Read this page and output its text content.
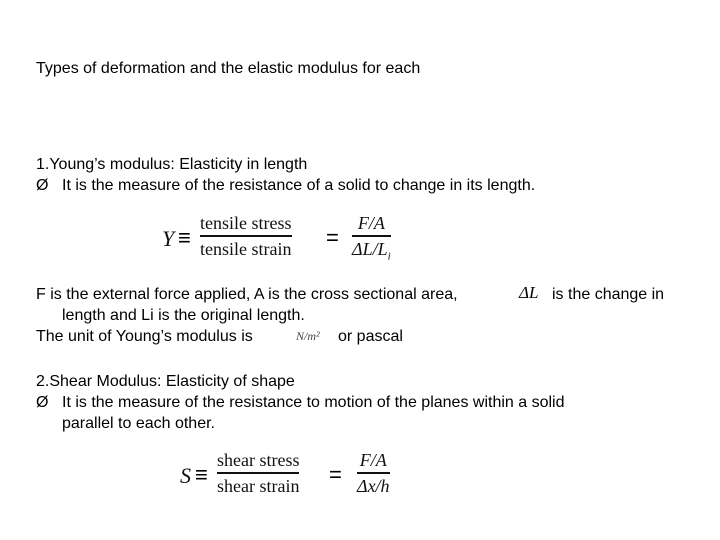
Types of deformation and the elastic modulus for each
1.Young’s modulus: Elasticity in length
Ø It is the measure of the resistance of a solid to change in its length.
Y ≡
tensile stress
tensile strain =
F/A
$\Delta L/L_i$
F is the external force applied, A is the cross sectional area,	ΔL is the change in
length and Li is the original length.
The unit of Young’s modulus is	N/m² or pascal
2.Shear Modulus: Elasticity of shape
Ø It is the measure of the resistance to motion of the planes within a solid
parallel to each other.
S ≡
shear stress
shear strain =
F/A
Δx/h
